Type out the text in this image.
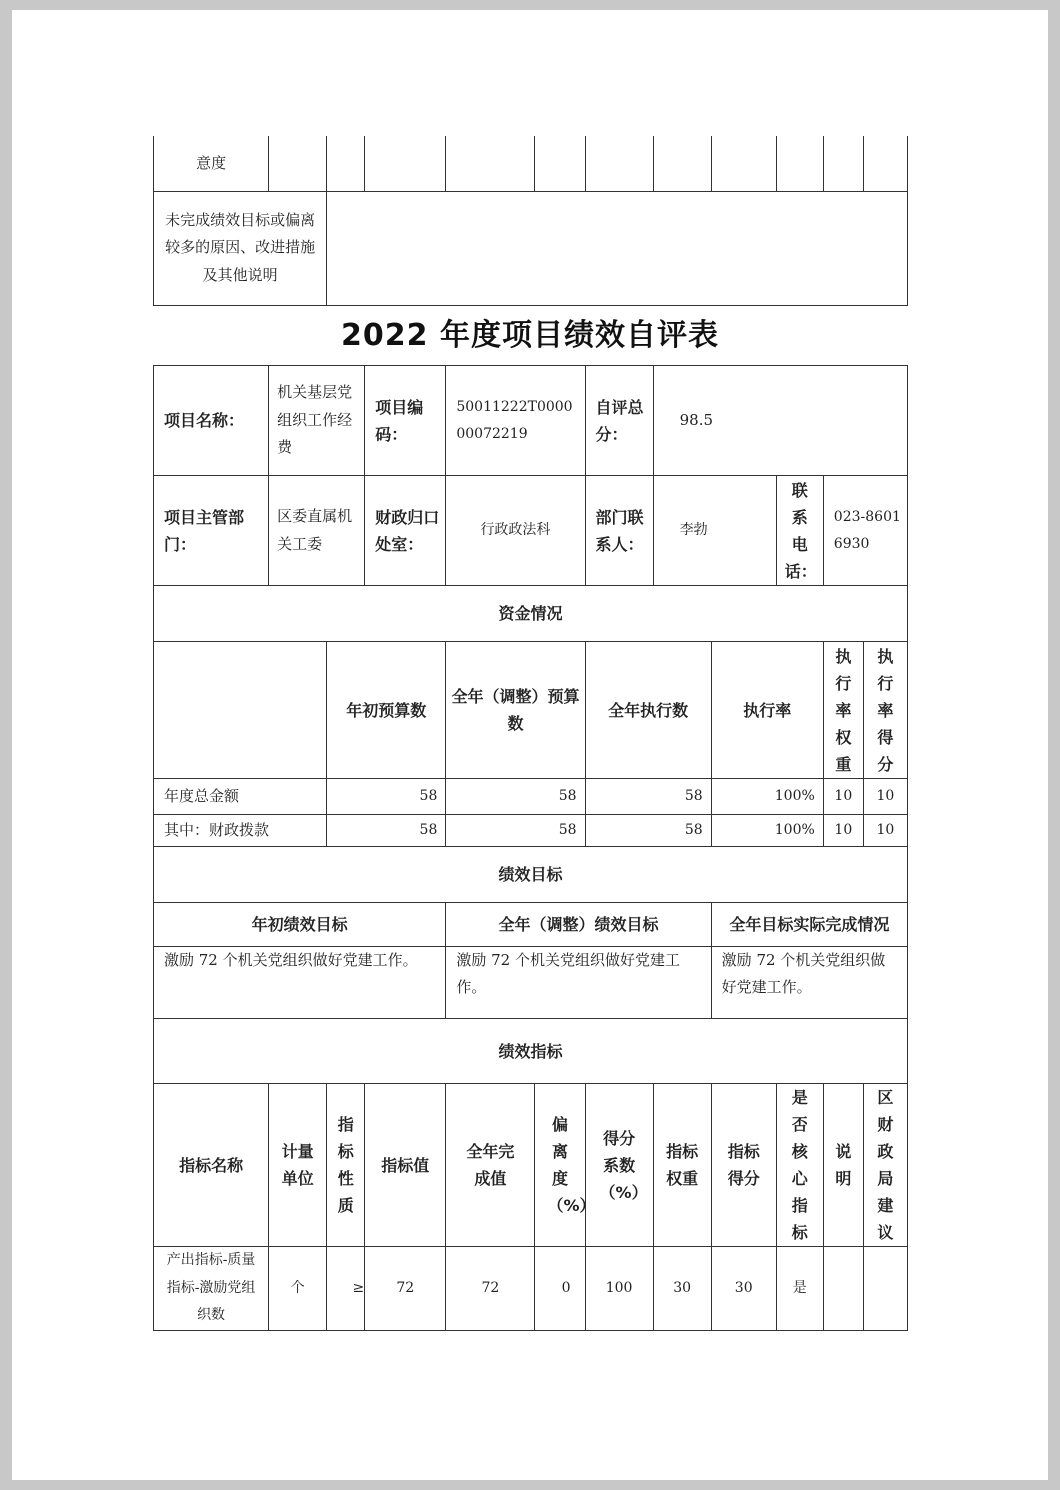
意度											
未完成绩效目标或偏离较多的原因、改进措施及其他说明											
2022 年度项目绩效自评表
项目名称：	机关基层党组织工作经费		项目编码：	50011222T000000072219		自评总分：	98.5				
项目主管部门：	区委直属机关工委		财政归口处室：	行政政法科		部门联系人：	李勃		联系电话：	023-86016930	
资金情况											
		年初预算数		全年（调整）预算数		全年执行数		执行率		执行率权重	执行率得分
年度总金额		58		58		58		100%		10	10
其中：财政拨款		58		58		58		100%		10	10
绩效目标											
年初绩效目标				全年（调整）绩效目标				全年目标实际完成情况			
激励 72 个机关党组织做好党建工作。				激励 72 个机关党组织做好党建工作。				激励 72 个机关党组织做好党建工作。			
绩效指标											
指标名称	计量单位	指标性质	指标值	全年完成值	偏离度（%）	得分系数（%）	指标权重	指标得分	是否核心指标	说明	区财政局建议
产出指标-质量指标-激励党组织数	个	≥	72	72	0	100	30	30	是		
